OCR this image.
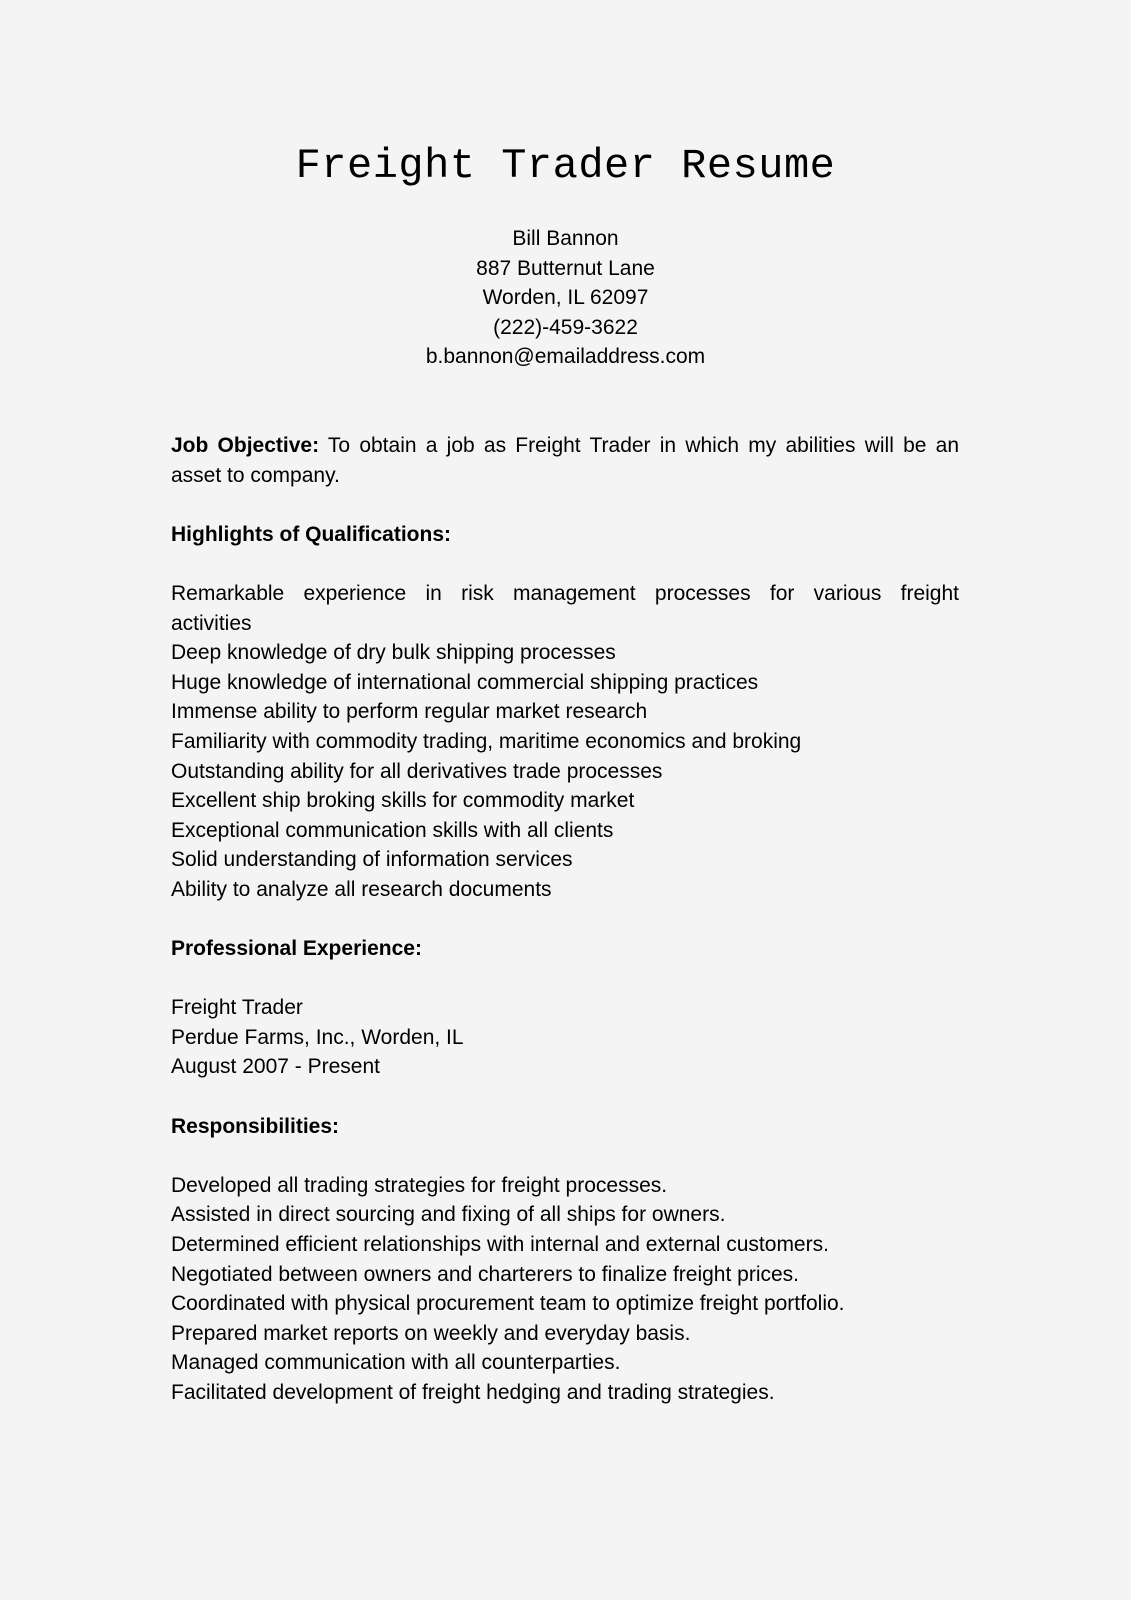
Freight Trader Resume
Bill Bannon
887 Butternut Lane
Worden, IL 62097
(222)-459-3622
b.bannon@emailaddress.com
Job Objective: To obtain a job as Freight Trader in which my abilities will be an asset to company.
Highlights of Qualifications:
Remarkable experience in risk management processes for various freight
activities
Deep knowledge of dry bulk shipping processes
Huge knowledge of international commercial shipping practices
Immense ability to perform regular market research
Familiarity with commodity trading, maritime economics and broking
Outstanding ability for all derivatives trade processes
Excellent ship broking skills for commodity market
Exceptional communication skills with all clients
Solid understanding of information services
Ability to analyze all research documents
Professional Experience:
Freight Trader
Perdue Farms, Inc., Worden, IL
August 2007 - Present
Responsibilities:
Developed all trading strategies for freight processes.
Assisted in direct sourcing and fixing of all ships for owners.
Determined efficient relationships with internal and external customers.
Negotiated between owners and charterers to finalize freight prices.
Coordinated with physical procurement team to optimize freight portfolio.
Prepared market reports on weekly and everyday basis.
Managed communication with all counterparties.
Facilitated development of freight hedging and trading strategies.
